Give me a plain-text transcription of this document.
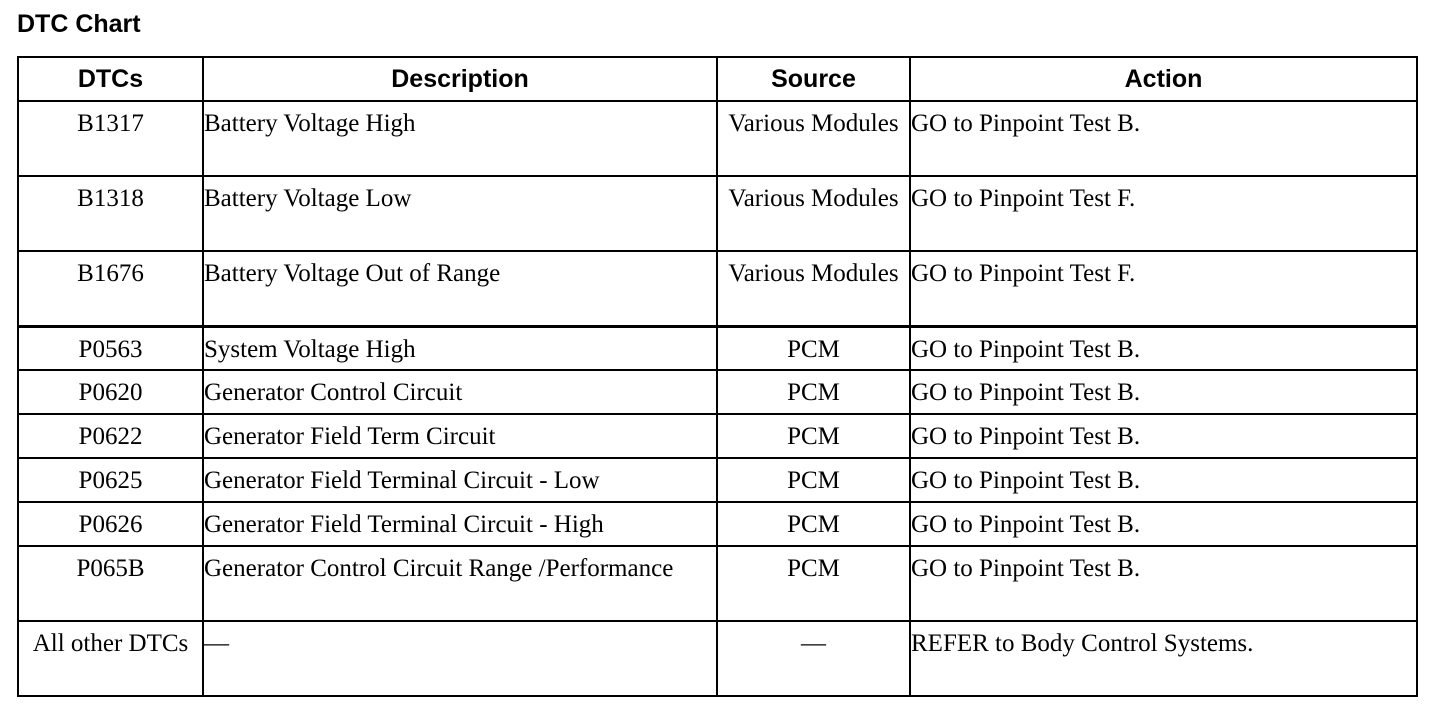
DTC Chart
DTCs	Description	Source	Action
B1317	Battery Voltage High	Various Modules	GO to Pinpoint Test B.
B1318	Battery Voltage Low	Various Modules	GO to Pinpoint Test F.
B1676	Battery Voltage Out of Range	Various Modules	GO to Pinpoint Test F.
P0563	System Voltage High	PCM	GO to Pinpoint Test B.
P0620	Generator Control Circuit	PCM	GO to Pinpoint Test B.
P0622	Generator Field Term Circuit	PCM	GO to Pinpoint Test B.
P0625	Generator Field Terminal Circuit - Low	PCM	GO to Pinpoint Test B.
P0626	Generator Field Terminal Circuit - High	PCM	GO to Pinpoint Test B.
P065B	Generator Control Circuit Range /Performance	PCM	GO to Pinpoint Test B.
All other DTCs	—	—	REFER to Body Control Systems.
